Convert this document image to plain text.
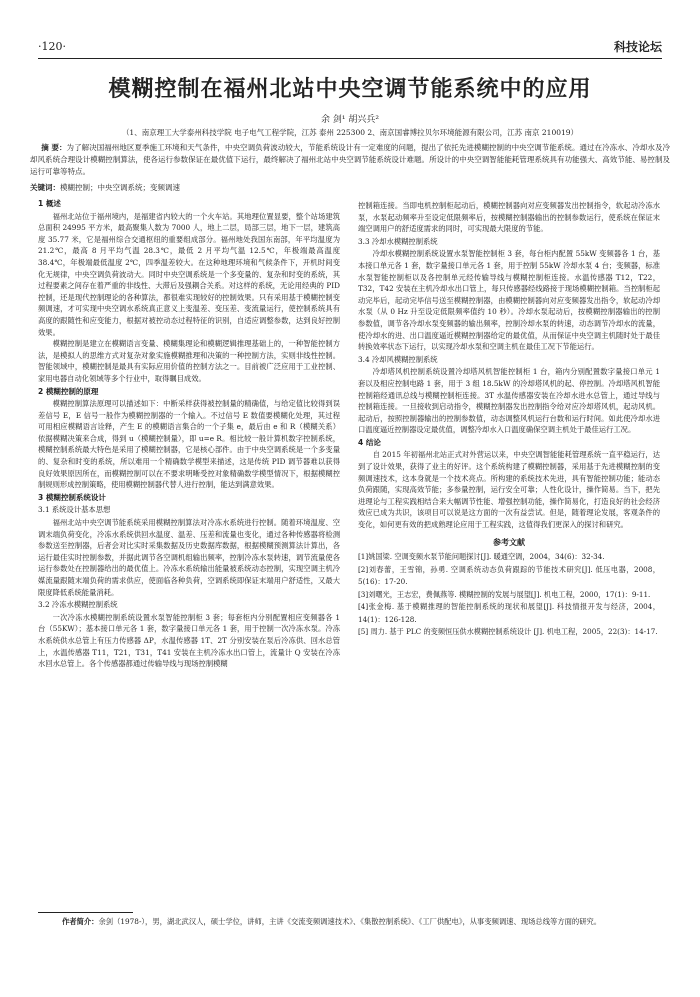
·120·	科技论坛
模糊控制在福州北站中央空调节能系统中的应用
余 剑¹ 胡兴兵²
（1、南京理工大学泰州科技学院 电子电气工程学院，江苏 泰州 225300 2、南京国睿博拉贝尔环境能源有限公司，江苏 南京 210019）
摘 要：为了解决国福州地区夏季施工环境和天气条件，中央空调负荷波动较大，节能系统设计有一定难度的问题，提出了依托先进模糊控制的中央空调节能系统。通过在冷冻水、冷却水及冷却风系统合理设计模糊控制算法，使各运行参数保证在最优值下运行，最终解决了福州北站中央空调节能系统设计难题。所设计的中央空调智能能耗管理系统具有功能强大、高效节能、易控制及运行可靠等特点。
关键词：模糊控制；中央空调系统；变频调速

1 概述

福州北站位于福州境内，是福建省内较大的一个火车站。其地理位置显要，整个站场建筑总面积 24995 平方米，最高聚集人数为 7000 人，地上二层，局部三层，地下一层，建筑高度 35.77 米，它是福州综合交通枢纽的重要组成部分。福州地处我国东南部，年平均温度为 21.2℃，最高 8 月平均气温 28.3℃，最低 2 月平均气温 12.5℃，年极端最高温度 38.4℃，年极端最低温度 2℃，四季温差较大。在这种地理环境和气候条件下，开机时间变化无规律，中央空调负荷波动大。同时中央空调系统是一个多变量的、复杂和时变的系统，其过程要素之间存在着严重的非线性、大滞后及强耦合关系。对这样的系统，无论用经典的 PID 控制，还是现代控制理论的各种算法，都很难实现较好的控制效果。只有采用基于模糊控制变频调速，才可实现中央空调水系统真正意义上变温差、变压差、变流量运行，使控制系统具有高度的跟随性和应变能力，根据对被控动态过程特征的识别，自适应调整参数，达到良好控制效果。

模糊控制是建立在模糊语言变量、模糊集理论和模糊逻辑推理基础上的，一种智能控制方法，是模拟人的思维方式对复杂对象实施模糊推理和决策的一种控制方法，实则非线性控制。智能领域中，模糊控制是最具有实际应用价值的控制方法之一。目前被广泛应用于工业控制、家用电器自动化领域等多个行业中，取得瞩目成效。

2 模糊控制的原理

模糊控制算法原理可以描述如下：中断采样获得被控制量的精确值，与给定值比较得到误差信号 E，E 信号一般作为模糊控制器的一个输入。不过信号 E 数值要模糊化处理，其过程可用相应模糊语言诠释，产生 E 的模糊语言集合的一个子集 e，最后由 e 和 R（模糊关系）依据模糊决策来合成，得到 u（模糊控制量），即 u=e R。相比较一般计算机数字控制系统，模糊控制系统最大特色是采用了模糊控制器，它是核心部件。由于中央空调系统是一个多变量的、复杂和时变的系统，所以难用一个精确数学模型来描述，这是传统 PID 调节器难以获得良好效果原因所在，而模糊控制可以在不要求明晰受控对象精确数学模型情况下，根据模糊控制规则形成控制策略，使用模糊控制器代替人进行控制，能达到满意效果。

3 模糊控制系统设计

3.1 系统设计基本思想

福州北站中央空调节能系统采用模糊控制算法对冷冻水系统进行控制。随着环境温度、空调末端负荷变化，冷冻水系统供回水温度、温差、压差和流量也变化，通过各种传感器将检测参数送至控制器，后者会对比实时采集数据及历史数据库数据，根据模糊预测算法计算出，各运行最佳实时控制参数，并据此调节各空调机组输出频率，控制冷冻水泵转速，调节流量使各运行参数处在控制器给出的最优值上。冷冻水系统输出能量被系统动态控制，实现空调主机冷媒流量跟随末端负荷的需求供应，使面临各种负荷，空调系统即保证末端用户舒适性，又最大限度降低系统能量消耗。

3.2 冷冻水模糊控制系统

一次冷冻水模糊控制系统设置水泵智能控制柜 3 套；每套柜内分别配置相应变频器各 1 台（55KW）；基本接口单元各 1 套，数字量接口单元各 1 套，用于控制一次冷冻水泵。冷冻水系统供水总管上有压力传感器 ΔP，水温传感器 1T、2T 分别安装在泵后冷冻供、回水总管上，水温传感器 T11，T21，T31，T41 安装在主机冷冻水出口管上，流量计 Q 安装在冷冻水回水总管上。各个传感器都通过传输导线与现场控制模糊

控制箱连接。当即电机控制柜起动后，模糊控制器向对应变频器发出控制指令，软起动冷冻水泵，水泵起动频率升至设定低限频率后，按模糊控制器输出的控制参数运行，使系统在保证末端空调用户的舒适度需求的同时，可实现最大限度的节能。

3.3 冷却水模糊控制系统

冷却水模糊控制系统设置水泵智能控制柜 3 套，每台柜内配置 55kW 变频器各 1 台，基本接口单元各 1 套，数字量接口单元各 1 套，用于控制 55kW 冷却水泵 4 台；变频器，标准水泵智能控制柜以及各控制单元经传输导线与模糊控制柜连接。水温传感器 T12，T22，T32，T42 安装在主机冷却水出口管上，每只传感器经线路接于现场模糊控制箱。当控制柜起动完毕后，起动完毕信号送至模糊控制器，由模糊控制器向对应变频器发出指令，软起动冷却水泵（从 0 Hz 升至设定低限频率值约 10 秒）。冷却水泵起动后，按模糊控制器输出的控制参数值，调节各冷却水泵变频器的输出频率，控制冷却水泵的转速，动态调节冷却水的流量，使冷却水的进、出口温度逼近模糊控制器给定的最优值，从而保证中央空调主机随时处于最佳转换效率状态下运行，以实现冷却水泵和空调主机在最佳工况下节能运行。

3.4 冷却风模糊控制系统

冷却塔风机控制系统设置冷却塔风机智能控制柜 1 台，箱内分别配置数字量接口单元 1 套以及相应控制电路 1 套，用于 3 组 18.5kW 的冷却塔风机的起、停控制。冷却塔风机智能控制箱经通讯总线与模糊控制柜连接。3T 水温传感器安装在冷却水进水总管上，通过导线与控制箱连接。一旦接收到启动指令，模糊控制器发出控制指令给对应冷却塔风机，起动风机。起动后，按照控制器输出的控制参数值，动态调整风机运行台数和运行时间。如此使冷却水进口温度逼近控制器设定最优值，调整冷却水入口温度确保空调主机处于最佳运行工况。

4 结论

自 2015 年初福州北站正式对外营运以来，中央空调智能能耗管理系统一直平稳运行，达到了设计效果，获得了业主的好评。这个系统构建了模糊控制器，采用基于先进模糊控制的变频调速技术，这本身就是一个技术亮点。所构建的系统技术先进，具有智能控制功能；能动态负荷跟随，实现高效节能；多参量控制，运行安全可靠；人性化设计，操作简易。当下，把先进理论与工程实践相结合来大幅调节性能、增强控制功能，操作简易化，打造良好的社会经济效应已成为共识，该项目可以说是这方面的一次有益尝试。但是，随着理论发展，客观条件的变化，如何更有效的把成熟理论应用于工程实践，这值得我们更深入的探讨和研究。

参考文献

[1]姚国梁. 空调变频水泵节能问题探讨[J]. 暖通空调，2004，34(6)：32-34.

[2]刘春蕾，王雪锦，孙勇. 空调系统动态负荷跟踪的节能技术研究[J]. 低压电器，2008，5(16)：17-20.

[3]刘曙光，王志宏，费佩燕等. 模糊控制的发展与展望[J]. 机电工程，2000，17(1)：9-11.

[4]张金梅. 基于模糊推理的智能控制系统的现状和展望[J]. 科技情报开发与经济，2004，14(1)：126-128.

[5] 周力. 基于 PLC 的变频恒压供水模糊控制系统设计 [J]. 机电工程，2005，22(3)：14-17.

作者简介：余剑（1978-），男，湖北武汉人，硕士学位，讲师，主讲《交流变频调速技术》、《集散控制系统》、《工厂供配电》，从事变频调速、现场总线等方面的研究。
